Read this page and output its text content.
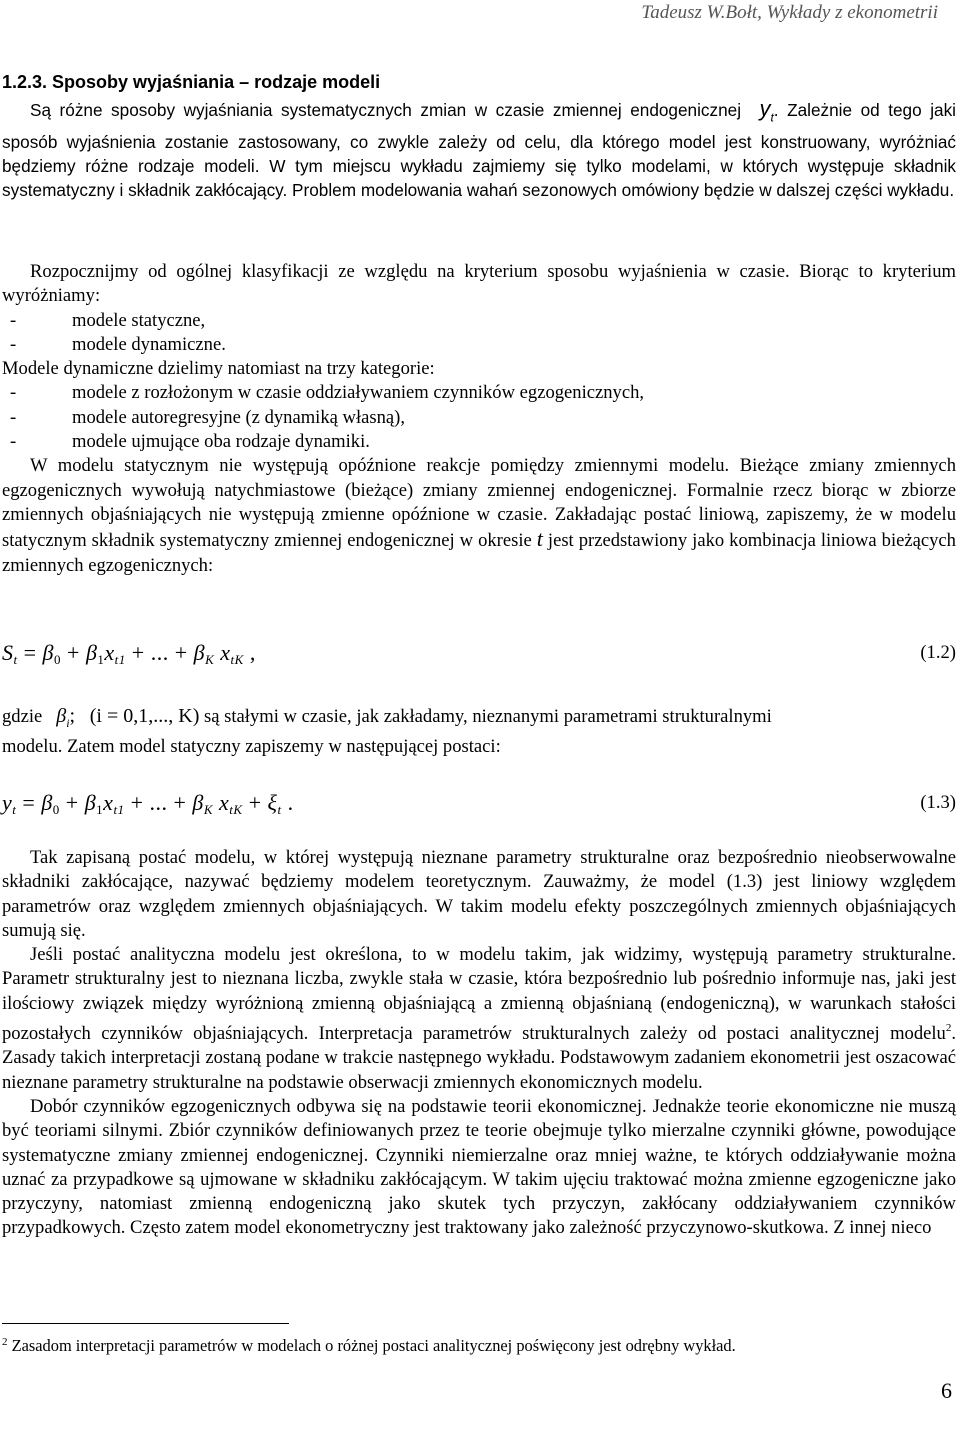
Tadeusz W.Bołt, Wykłady z ekonometrii
1.2.3. Sposoby wyjaśniania – rodzaje modeli
Są różne sposoby wyjaśniania systematycznych zmian w czasie zmiennej endogenicznej $y_t$. Zależnie od tego jaki sposób wyjaśnienia zostanie zastosowany, co zwykle zależy od celu, dla którego model jest konstruowany, wyróżniać będziemy różne rodzaje modeli. W tym miejscu wykładu zajmiemy się tylko modelami, w których występuje składnik systematyczny i składnik zakłócający. Problem modelowania wahań sezonowych omówiony będzie w dalszej części wykładu.

Rozpocznijmy od ogólnej klasyfikacji ze względu na kryterium sposobu wyjaśnienia w czasie. Biorąc to kryterium wyróżniamy:

-	modele statyczne,
-	modele dynamiczne.

Modele dynamiczne dzielimy natomiast na trzy kategorie:

-	modele z rozłożonym w czasie oddziaływaniem czynników egzogenicznych,
-	modele autoregresyjne (z dynamiką własną),
-	modele ujmujące oba rodzaje dynamiki.

W modelu statycznym nie występują opóźnione reakcje pomiędzy zmiennymi modelu. Bieżące zmiany zmiennych egzogenicznych wywołują natychmiastowe (bieżące) zmiany zmiennej endogenicznej. Formalnie rzecz biorąc w zbiorze zmiennych objaśniających nie występują zmienne opóźnione w czasie. Zakładając postać liniową, zapiszemy, że w modelu statycznym składnik systematyczny zmiennej endogenicznej w okresie t jest przedstawiony jako kombinacja liniowa bieżących zmiennych egzogenicznych:

$S_t = \beta_0 + \beta_1x_{t1}$ + ... + $\beta_K$ $x_{tK}$ ,	(1.2)
gdzie $\beta_i$;   (i = 0,1,..., K) są stałymi w czasie, jak zakładamy, nieznanymi parametrami strukturalnymi
modelu. Zatem model statyczny zapiszemy w następującej postaci:
$y_t = \beta_0 + \beta_1x_{t1}$ + ... + $\beta_K$ $x_{tK} + \xi_t$ .	(1.3)

Tak zapisaną postać modelu, w której występują nieznane parametry strukturalne oraz bezpośrednio nieobserwowalne składniki zakłócające, nazywać będziemy modelem teoretycznym. Zauważmy, że model (1.3) jest liniowy względem parametrów oraz względem zmiennych objaśniających. W takim modelu efekty poszczególnych zmiennych objaśniających sumują się.

Jeśli postać analityczna modelu jest określona, to w modelu takim, jak widzimy, występują parametry strukturalne. Parametr strukturalny jest to nieznana liczba, zwykle stała w czasie, która bezpośrednio lub pośrednio informuje nas, jaki jest ilościowy związek między wyróżnioną zmienną objaśniającą a zmienną objaśnianą (endogeniczną), w warunkach stałości pozostałych czynników objaśniających. Interpretacja parametrów strukturalnych zależy od postaci analitycznej modelu$^2$. Zasady takich interpretacji zostaną podane w trakcie następnego wykładu. Podstawowym zadaniem ekonometrii jest oszacować nieznane parametry strukturalne na podstawie obserwacji zmiennych ekonomicznych modelu.

Dobór czynników egzogenicznych odbywa się na podstawie teorii ekonomicznej. Jednakże teorie ekonomiczne nie muszą być teoriami silnymi. Zbiór czynników definiowanych przez te teorie obejmuje tylko mierzalne czynniki główne, powodujące systematyczne zmiany zmiennej endogenicznej. Czynniki niemierzalne oraz mniej ważne, te których oddziaływanie można uznać za przypadkowe są ujmowane w składniku zakłócającym. W takim ujęciu traktować można zmienne egzogeniczne jako przyczyny, natomiast zmienną endogeniczną jako skutek tych przyczyn, zakłócany oddziaływaniem czynników przypadkowych. Często zatem model ekonometryczny jest traktowany jako zależność przyczynowo-skutkowa. Z innej nieco

$^2$ Zasadom interpretacji parametrów w modelach o różnej postaci analitycznej poświęcony jest odrębny wykład.
6
